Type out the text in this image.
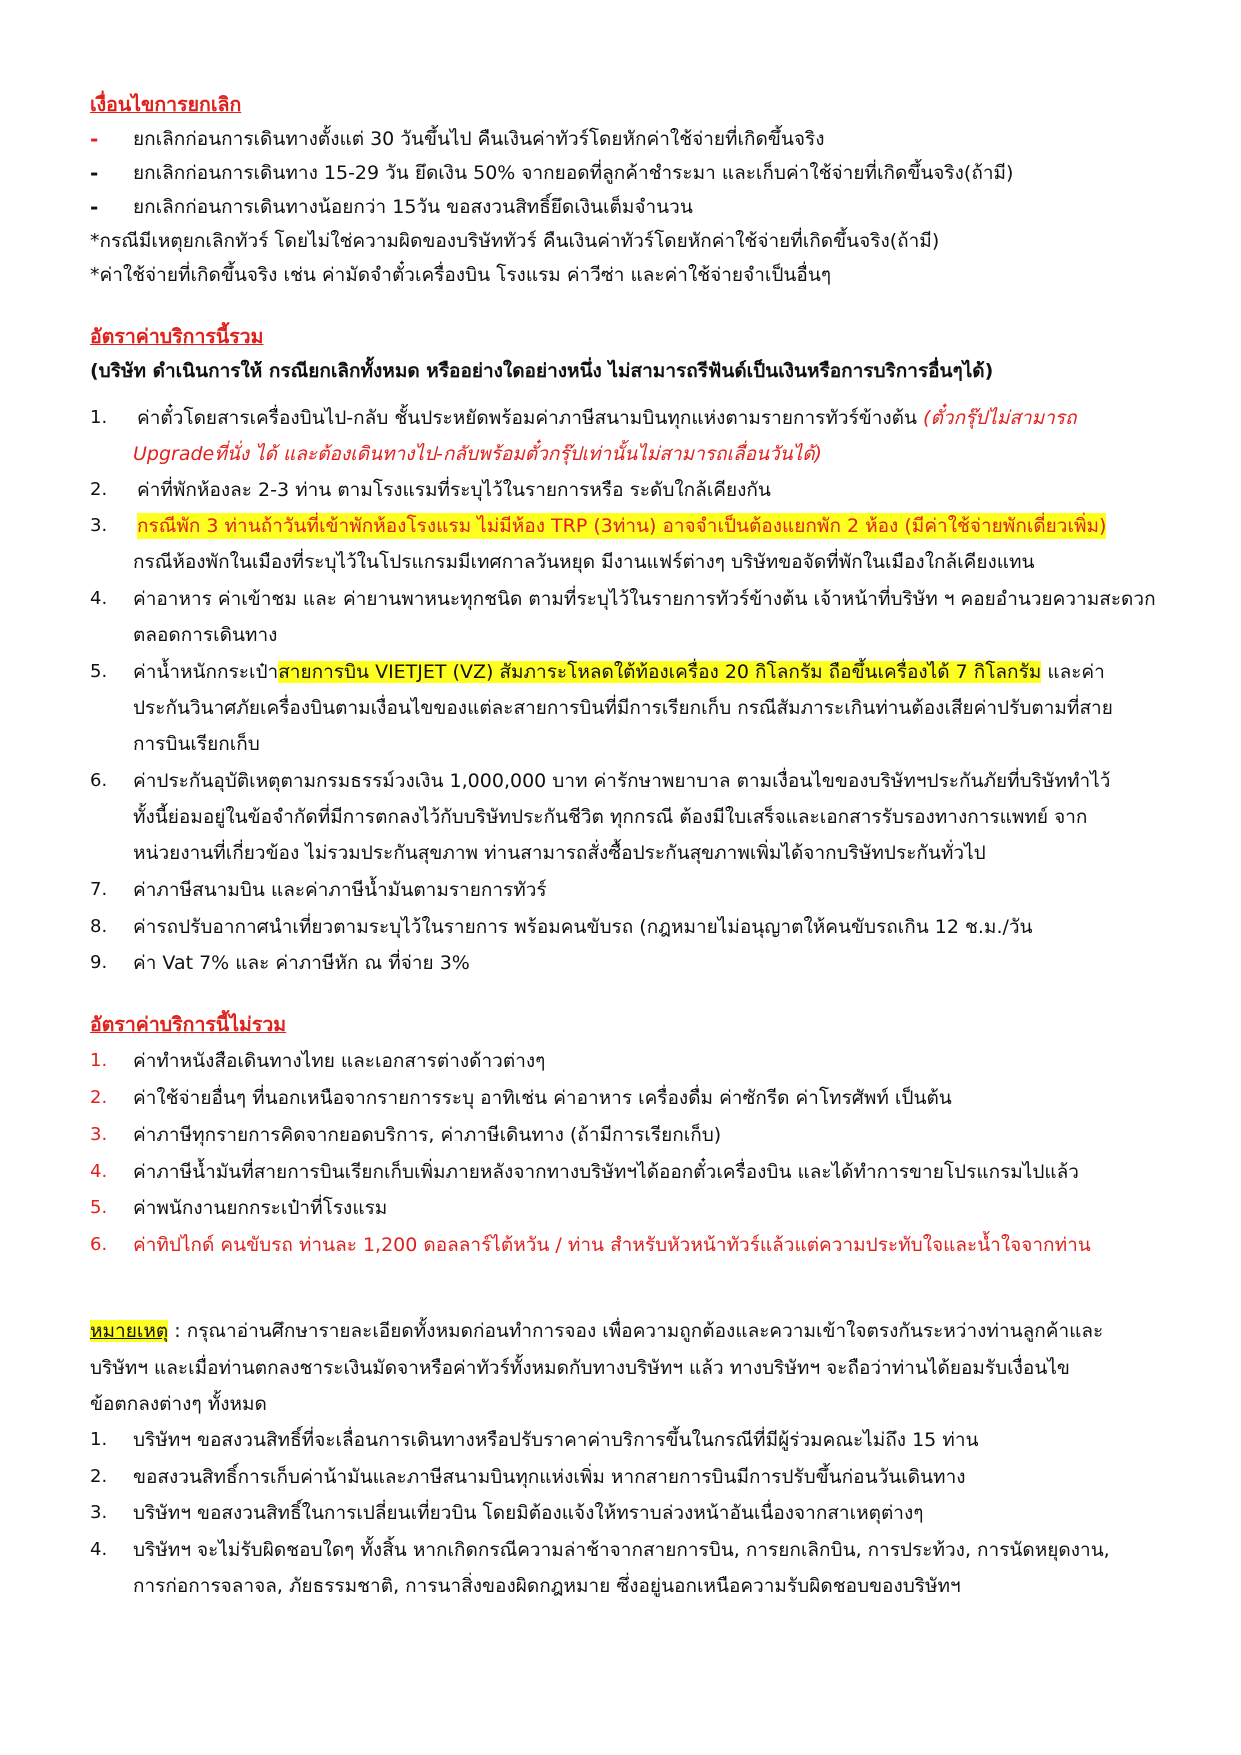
เงื่อนไขการยกเลิก
- ยกเลิกก่อนการเดินทางตั้งแต่ 30 วันขึ้นไป คืนเงินค่าทัวร์โดยหักค่าใช้จ่ายที่เกิดขึ้นจริง
- ยกเลิกก่อนการเดินทาง 15-29 วัน ยึดเงิน 50% จากยอดที่ลูกค้าชำระมา และเก็บค่าใช้จ่ายที่เกิดขึ้นจริง(ถ้ามี)
- ยกเลิกก่อนการเดินทางน้อยกว่า 15วัน ขอสงวนสิทธิ์ยึดเงินเต็มจำนวน
*กรณีมีเหตุยกเลิกทัวร์ โดยไม่ใช่ความผิดของบริษัททัวร์ คืนเงินค่าทัวร์โดยหักค่าใช้จ่ายที่เกิดขึ้นจริง(ถ้ามี)
*ค่าใช้จ่ายที่เกิดขึ้นจริง เช่น ค่ามัดจำตั๋วเครื่องบิน โรงแรม ค่าวีซ่า และค่าใช้จ่ายจำเป็นอื่นๆ
อัตราค่าบริการนี้รวม
(บริษัท ดำเนินการให้ กรณียกเลิกทั้งหมด หรืออย่างใดอย่างหนึ่ง ไม่สามารถรีฟันด์เป็นเงินหรือการบริการอื่นๆได้)
1. ค่าตั๋วโดยสารเครื่องบินไป-กลับ ชั้นประหยัดพร้อมค่าภาษีสนามบินทุกแห่งตามรายการทัวร์ข้างต้น (ตั๋วกรุ๊ปไม่สามารถ
Upgradeที่นั่ง ได้ และต้องเดินทางไป-กลับพร้อมตั๋วกรุ๊ปเท่านั้นไม่สามารถเลื่อนวันได้)
2. ค่าที่พักห้องละ 2-3 ท่าน ตามโรงแรมที่ระบุไว้ในรายการหรือ ระดับใกล้เคียงกัน
3. กรณีพัก 3 ท่านถ้าวันที่เข้าพักห้องโรงแรม ไม่มีห้อง TRP (3ท่าน) อาจจำเป็นต้องแยกพัก 2 ห้อง (มีค่าใช้จ่ายพักเดี่ยวเพิ่ม)
กรณีห้องพักในเมืองที่ระบุไว้ในโปรแกรมมีเทศกาลวันหยุด มีงานแฟร์ต่างๆ บริษัทขอจัดที่พักในเมืองใกล้เคียงแทน
4. ค่าอาหาร ค่าเข้าชม และ ค่ายานพาหนะทุกชนิด ตามที่ระบุไว้ในรายการทัวร์ข้างต้น เจ้าหน้าที่บริษัท ฯ คอยอำนวยความสะดวก
ตลอดการเดินทาง
5. ค่าน้ำหนักกระเป๋าสายการบิน VIETJET (VZ) สัมภาระโหลดใต้ท้องเครื่อง 20 กิโลกรัม ถือขึ้นเครื่องได้ 7 กิโลกรัม และค่า
ประกันวินาศภัยเครื่องบินตามเงื่อนไขของแต่ละสายการบินที่มีการเรียกเก็บ กรณีสัมภาระเกินท่านต้องเสียค่าปรับตามที่สาย
การบินเรียกเก็บ
6. ค่าประกันอุบัติเหตุตามกรมธรรม์วงเงิน 1,000,000 บาท ค่ารักษาพยาบาล ตามเงื่อนไขของบริษัทฯประกันภัยที่บริษัททำไว้
ทั้งนี้ย่อมอยู่ในข้อจำกัดที่มีการตกลงไว้กับบริษัทประกันชีวิต ทุกกรณี ต้องมีใบเสร็จและเอกสารรับรองทางการแพทย์ จาก
หน่วยงานที่เกี่ยวข้อง ไม่รวมประกันสุขภาพ ท่านสามารถสั่งซื้อประกันสุขภาพเพิ่มได้จากบริษัทประกันทั่วไป
7. ค่าภาษีสนามบิน และค่าภาษีน้ำมันตามรายการทัวร์
8. ค่ารถปรับอากาศนำเที่ยวตามระบุไว้ในรายการ พร้อมคนขับรถ (กฎหมายไม่อนุญาตให้คนขับรถเกิน 12 ช.ม./วัน
9. ค่า Vat 7% และ ค่าภาษีหัก ณ ที่จ่าย 3%
อัตราค่าบริการนี้ไม่รวม
1. ค่าทำหนังสือเดินทางไทย และเอกสารต่างด้าวต่างๆ
2. ค่าใช้จ่ายอื่นๆ ที่นอกเหนือจากรายการระบุ อาทิเช่น ค่าอาหาร เครื่องดื่ม ค่าซักรีด ค่าโทรศัพท์ เป็นต้น
3. ค่าภาษีทุกรายการคิดจากยอดบริการ, ค่าภาษีเดินทาง (ถ้ามีการเรียกเก็บ)
4. ค่าภาษีน้ำมันที่สายการบินเรียกเก็บเพิ่มภายหลังจากทางบริษัทฯได้ออกตั๋วเครื่องบิน และได้ทำการขายโปรแกรมไปแล้ว
5. ค่าพนักงานยกกระเป๋าที่โรงแรม
6. ค่าทิปไกด์ คนขับรถ ท่านละ 1,200 ดอลลาร์ไต้หวัน / ท่าน สำหรับหัวหน้าทัวร์แล้วแต่ความประทับใจและน้ำใจจากท่าน
หมายเหตุ : กรุณาอ่านศึกษารายละเอียดทั้งหมดก่อนทำการจอง เพื่อความถูกต้องและความเข้าใจตรงกันระหว่างท่านลูกค้าและ
บริษัทฯ และเมื่อท่านตกลงชาระเงินมัดจาหรือค่าทัวร์ทั้งหมดกับทางบริษัทฯ แล้ว ทางบริษัทฯ จะถือว่าท่านได้ยอมรับเงื่อนไข
ข้อตกลงต่างๆ ทั้งหมด
1. บริษัทฯ ขอสงวนสิทธิ์ที่จะเลื่อนการเดินทางหรือปรับราคาค่าบริการขึ้นในกรณีที่มีผู้ร่วมคณะไม่ถึง 15 ท่าน
2. ขอสงวนสิทธิ์การเก็บค่าน้ามันและภาษีสนามบินทุกแห่งเพิ่ม หากสายการบินมีการปรับขึ้นก่อนวันเดินทาง
3. บริษัทฯ ขอสงวนสิทธิ์ในการเปลี่ยนเที่ยวบิน โดยมิต้องแจ้งให้ทราบล่วงหน้าอันเนื่องจากสาเหตุต่างๆ
4. บริษัทฯ จะไม่รับผิดชอบใดๆ ทั้งสิ้น หากเกิดกรณีความล่าช้าจากสายการบิน, การยกเลิกบิน, การประท้วง, การนัดหยุดงาน,
การก่อการจลาจล, ภัยธรรมชาติ, การนาสิ่งของผิดกฎหมาย ซึ่งอยู่นอกเหนือความรับผิดชอบของบริษัทฯ
